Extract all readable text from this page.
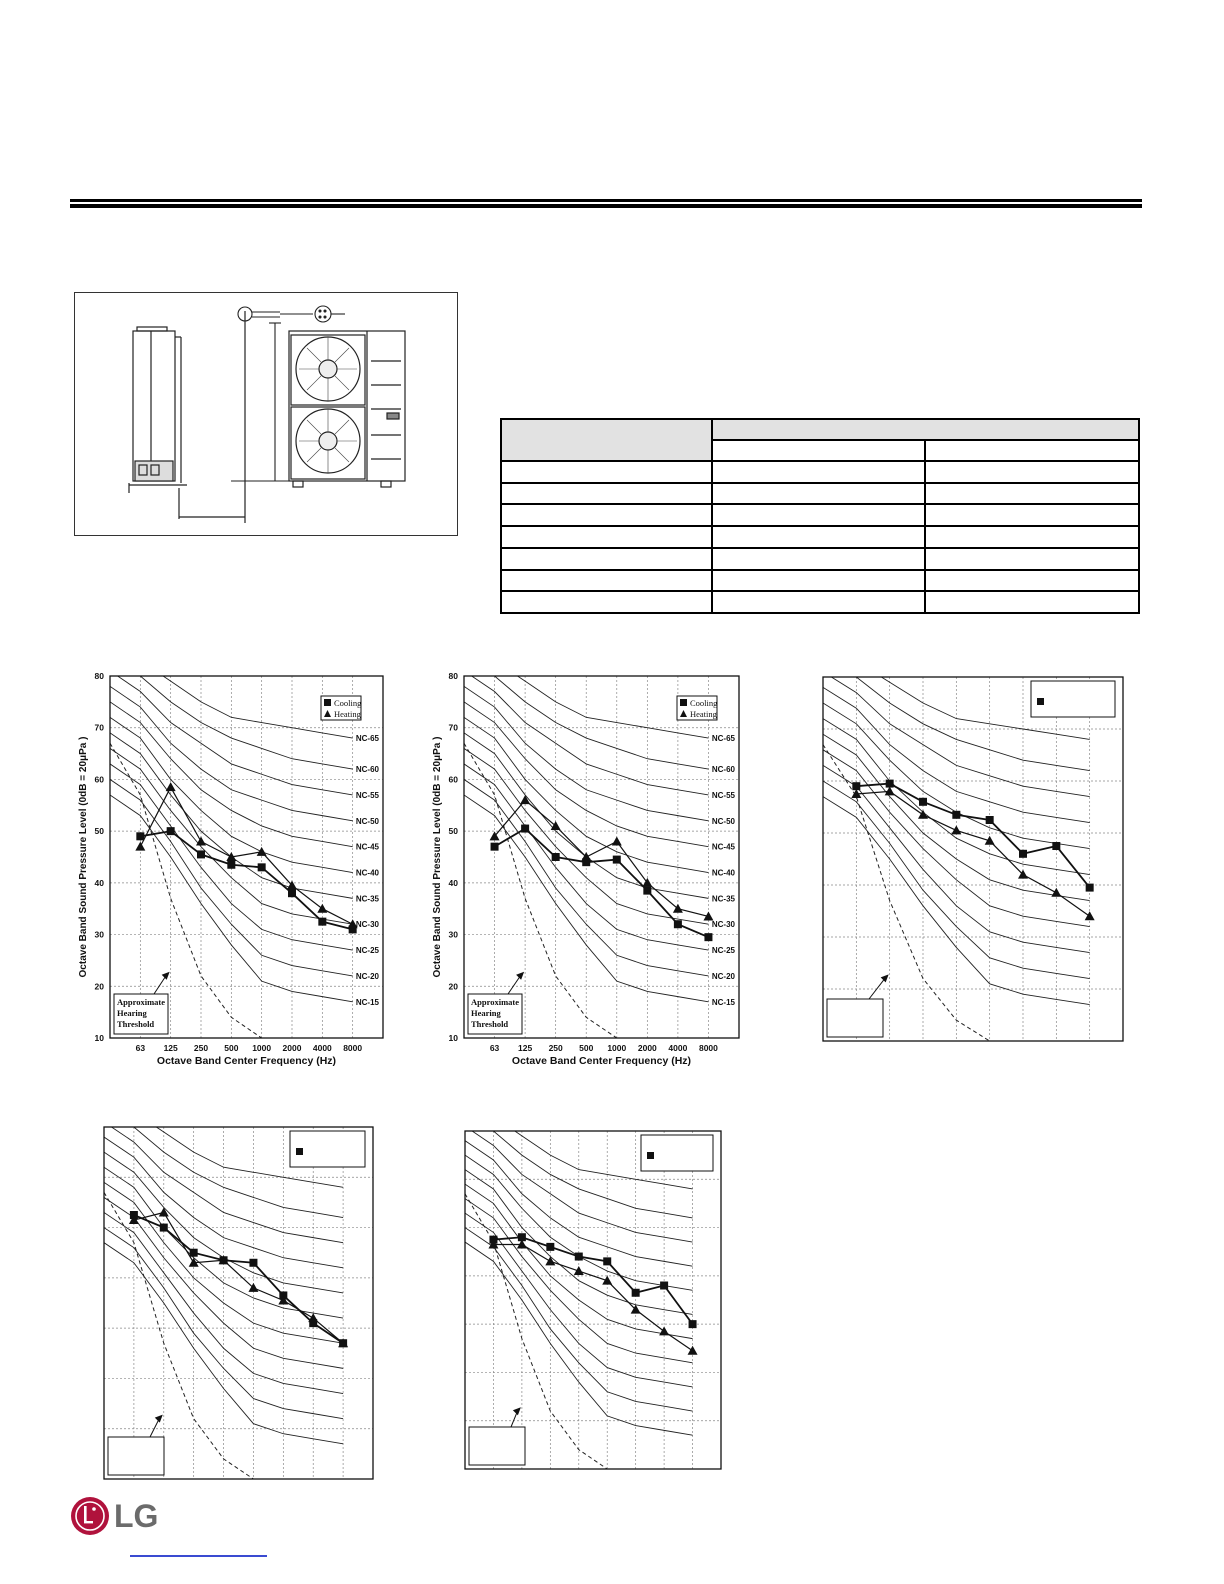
Cooling
Heating
Approximate
Hearing
Threshold
80
70
60
50
40
30
20
10
63 125 250 500 1000 2000 4000 8000
Octave Band Center Frequency (Hz)
Octave Band Sound Pressure Level (0dB = 20μPa )	NC-65
NC-60
NC-55
NC-50
NC-45
NC-40
NC-35
NC-30
NC-25
NC-20
NC-15
Cooling
Heating
Approximate
Hearing
Threshold
80
70
60
50
40
30
20
10
63 125 250 500 1000 2000 4000 8000
Octave Band Center Frequency (Hz)
Octave Band Sound Pressure Level (0dB = 20μPa )	NC-65
NC-60
NC-55
NC-50
NC-45
NC-40
NC-35
NC-30
NC-25
NC-20
NC-15
LG
